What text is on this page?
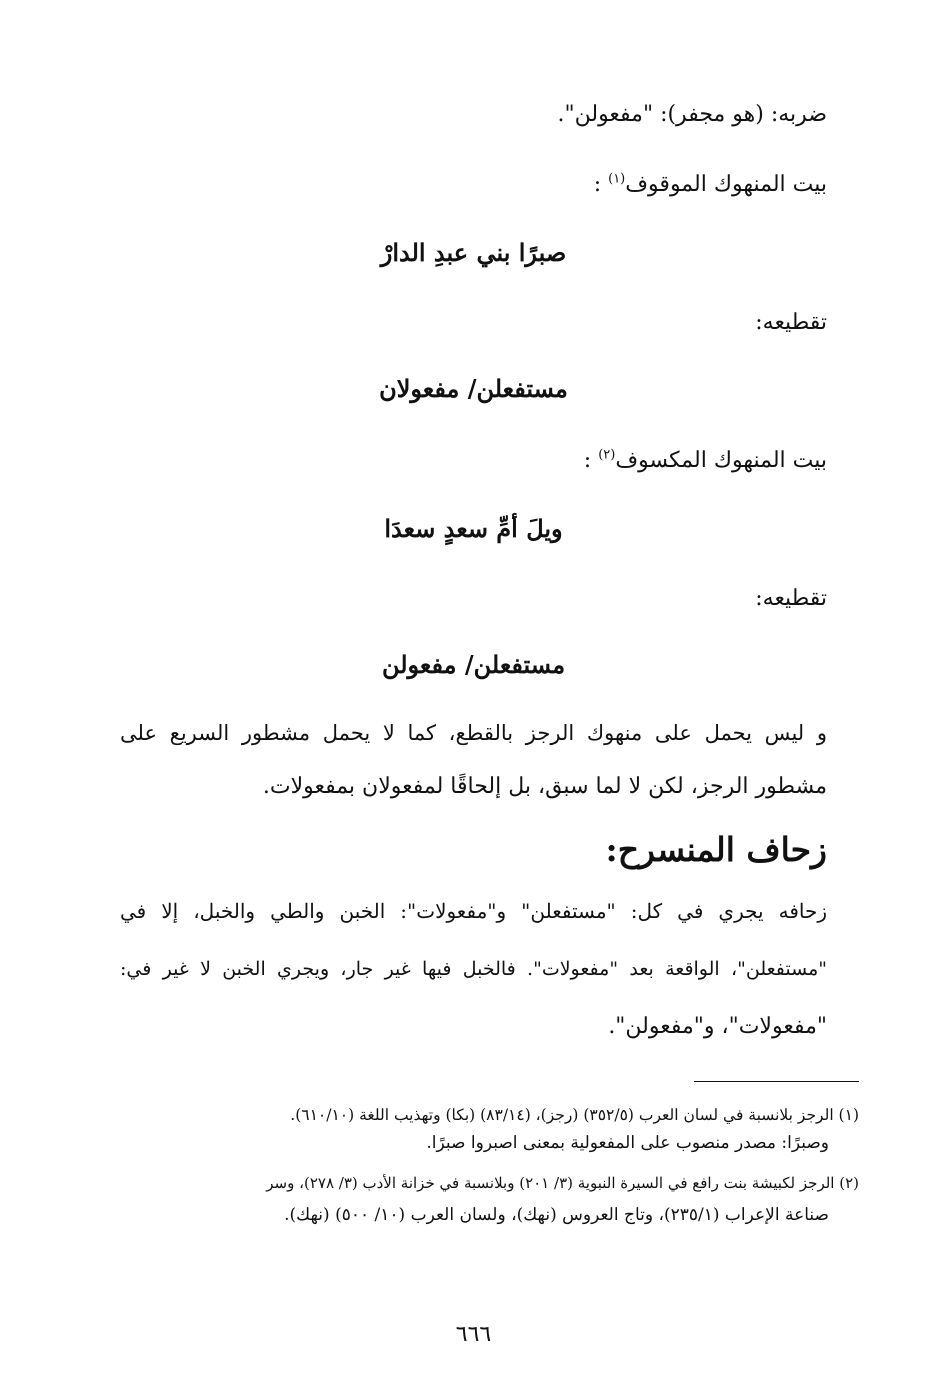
ضربه: (هو مجفر): "مفعولن".
بيت المنهوك الموقوف$^{(١)}$ :
صبرًا بني عبدِ الدارْ
تقطيعه:
مستفعلن/ مفعولان
بيت المنهوك المكسوف$^{(٢)}$ :
ويلَ أمِّ سعدٍ سعدَا
تقطيعه:
مستفعلن/ مفعولن
و ليس يحمل على منهوك الرجز بالقطع، كما لا يحمل مشطور السريع على
مشطور الرجز، لكن لا لما سبق، بل إلحاقًا لمفعولان بمفعولات.
زحاف المنسرح:
زحافه يجري في كل: "مستفعلن" و"مفعولات": الخبن والطي والخبل، إلا في
"مستفعلن"، الواقعة بعد "مفعولات". فالخبل فيها غير جار، ويجري الخبن لا غير في:
"مفعولات"، و"مفعولن".
(١) الرجز بلانسبة في لسان العرب (٣٥٢/٥) (رجز)، (٨٣/١٤) (بكا) وتهذيب اللغة (٦١٠/١٠).
وصبرًا: مصدر منصوب على المفعولية بمعنى اصبروا صبرًا.
(٢) الرجز لكبيشة بنت رافع في السيرة النبوية (٣/ ٢٠١) وبلانسبة في خزانة الأدب (٣/ ٢٧٨)، وسر
صناعة الإعراب (٢٣٥/١)، وتاج العروس (نهك)، ولسان العرب (١٠/ ٥٠٠) (نهك).
٦٦٦
